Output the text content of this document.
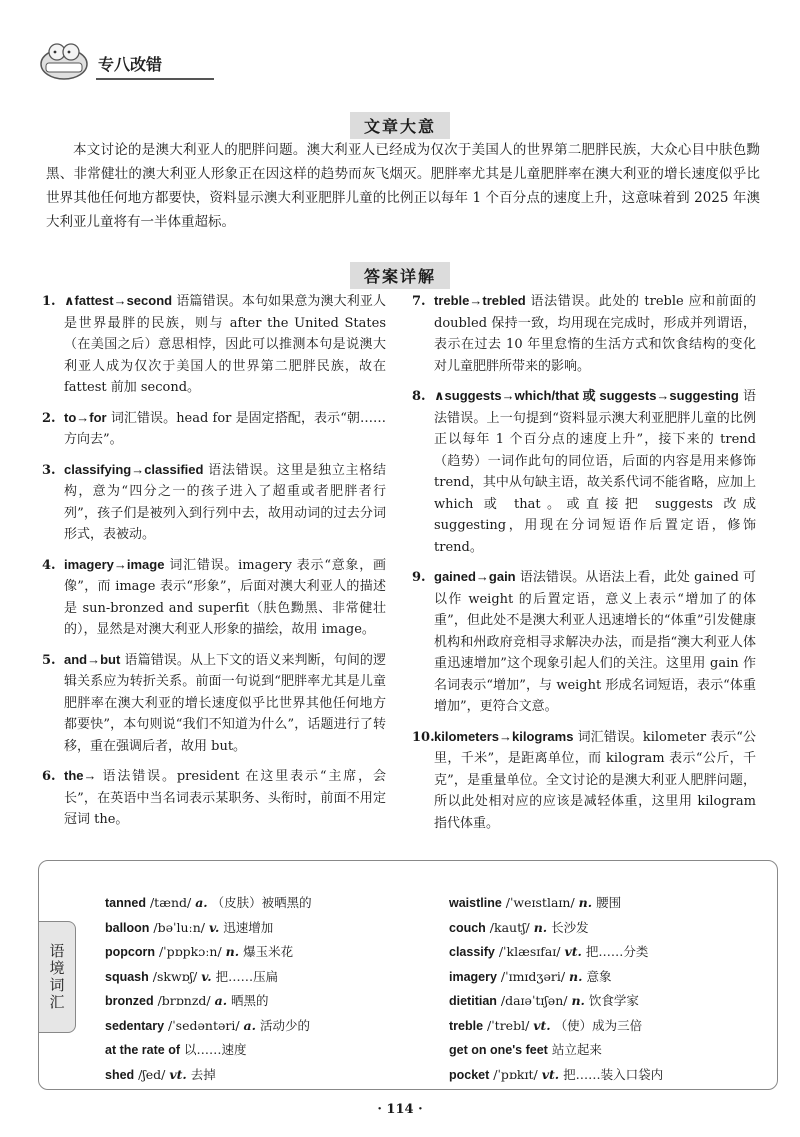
专八改错
文章大意
本文讨论的是澳大利亚人的肥胖问题。澳大利亚人已经成为仅次于美国人的世界第二肥胖民族，大众心目中肤色黝黑、非常健壮的澳大利亚人形象正在因这样的趋势而灰飞烟灭。肥胖率尤其是儿童肥胖率在澳大利亚的增长速度似乎比世界其他任何地方都要快，资料显示澳大利亚肥胖儿童的比例正以每年 1 个百分点的速度上升，这意味着到 2025 年澳大利亚儿童将有一半体重超标。
答案详解
1. ∧fattest→second 语篇错误。本句如果意为澳大利亚人是世界最胖的民族，则与 after the United States（在美国之后）意思相悖，因此可以推测本句是说澳大利亚人成为仅次于美国人的世界第二肥胖民族，故在 fattest 前加 second。
2. to→for 词汇错误。head for 是固定搭配，表示“朝……方向去”。
3. classifying→classified 语法错误。这里是独立主格结构，意为“四分之一的孩子进入了超重或者肥胖者行列”，孩子们是被列入到行列中去，故用动词的过去分词形式，表被动。
4. imagery→image 词汇错误。imagery 表示“意象，画像”，而 image 表示“形象”，后面对澳大利亚人的描述是 sun-bronzed and superfit（肤色黝黑、非常健壮的），显然是对澳大利亚人形象的描绘，故用 image。
5. and→but 语篇错误。从上下文的语义来判断，句间的逻辑关系应为转折关系。前面一句说到“肥胖率尤其是儿童肥胖率在澳大利亚的增长速度似乎比世界其他任何地方都要快”，本句则说“我们不知道为什么”，话题进行了转移，重在强调后者，故用 but。
6. the→ 语法错误。president 在这里表示“主席，会长”，在英语中当名词表示某职务、头衔时，前面不用定冠词 the。
7. treble→trebled 语法错误。此处的 treble 应和前面的 doubled 保持一致，均用现在完成时，形成并列谓语，表示在过去 10 年里怠惰的生活方式和饮食结构的变化对儿童肥胖所带来的影响。
8. ∧suggests→which/that 或 suggests→suggesting 语法错误。上一句提到“资料显示澳大利亚肥胖儿童的比例正以每年 1 个百分点的速度上升”，接下来的 trend（趋势）一词作此句的同位语，后面的内容是用来修饰 trend，其中从句缺主语，故关系代词不能省略，应加上 which 或 that。或直接把 suggests 改成 suggesting，用现在分词短语作后置定语，修饰 trend。
9. gained→gain 语法错误。从语法上看，此处 gained 可以作 weight 的后置定语，意义上表示“增加了的体重”，但此处不是澳大利亚人迅速增长的“体重”引发健康机构和州政府竞相寻求解决办法，而是指“澳大利亚人体重迅速增加”这个现象引起人们的关注。这里用 gain 作名词表示“增加”，与 weight 形成名词短语，表示“体重增加”，更符合文意。
10.kilometers→kilograms 词汇错误。kilometer 表示“公里，千米”，是距离单位，而 kilogram 表示“公斤，千克”，是重量单位。全文讨论的是澳大利亚人肥胖问题，所以此处相对应的应该是减轻体重，这里用 kilogram 指代体重。
语境词汇
tanned /tænd/ a. （皮肤）被晒黑的
balloon /bəˈluːn/ v. 迅速增加
popcorn /ˈpɒpkɔːn/ n. 爆玉米花
squash /skwɒʃ/ v. 把……压扁
bronzed /brɒnzd/ a. 晒黑的
sedentary /ˈsedəntəri/ a. 活动少的
at the rate of 以……速度
shed /ʃed/ vt. 去掉
waistline /ˈweɪstlaɪn/ n. 腰围
couch /kautʃ/ n. 长沙发
classify /ˈklæsɪfaɪ/ vt. 把……分类
imagery /ˈɪmɪdʒəri/ n. 意象
dietitian /daɪəˈtɪʃən/ n. 饮食学家
treble /ˈtrebl/ vt. （使）成为三倍
get on one's feet 站立起来
pocket /ˈpɒkɪt/ vt. 把……装入口袋内
· 114 ·
